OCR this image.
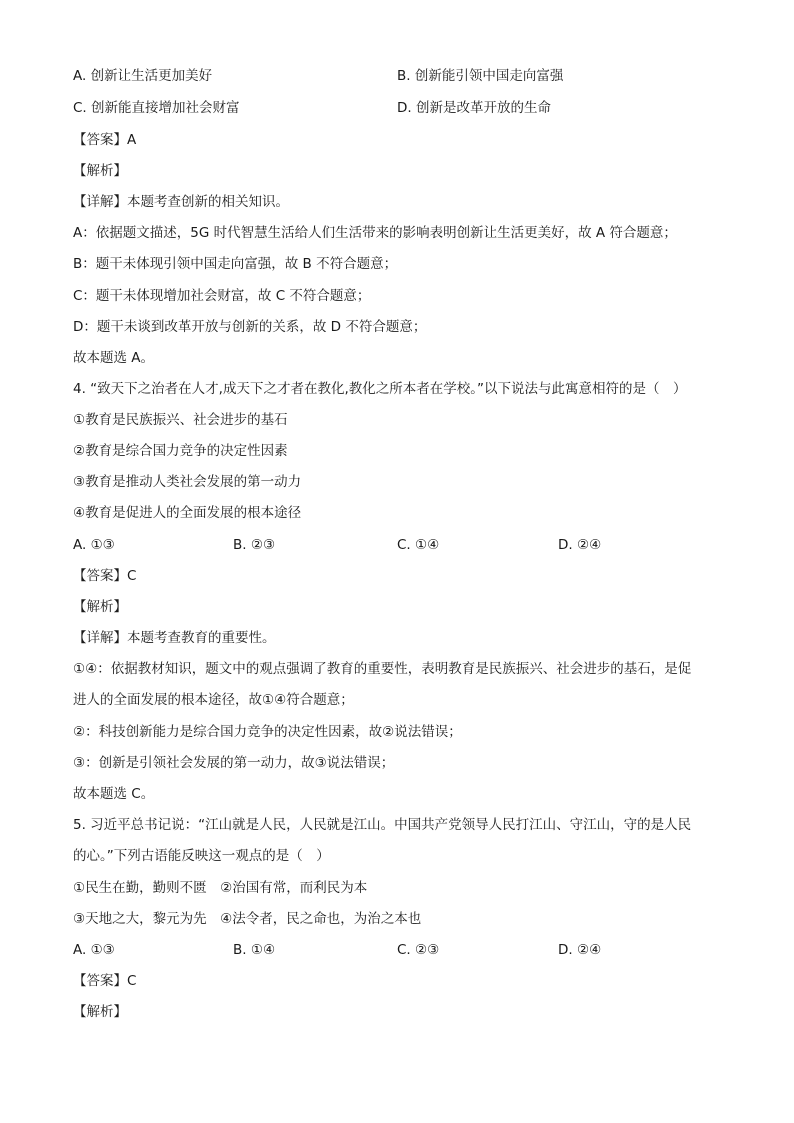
A. 创新让生活更加美好	B. 创新能引领中国走向富强
C. 创新能直接增加社会财富	D. 创新是改革开放的生命
【答案】A
【解析】
【详解】本题考查创新的相关知识。
A：依据题文描述，5G 时代智慧生活给人们生活带来的影响表明创新让生活更美好，故 A 符合题意；
B：题干未体现引领中国走向富强，故 B 不符合题意；
C：题干未体现增加社会财富，故 C 不符合题意；
D：题干未谈到改革开放与创新的关系，故 D 不符合题意；
故本题选 A。
4. “致天下之治者在人才,成天下之才者在教化,教化之所本者在学校。”以下说法与此寓意相符的是（　）
①教育是民族振兴、社会进步的基石
②教育是综合国力竞争的决定性因素
③教育是推动人类社会发展的第一动力
④教育是促进人的全面发展的根本途径
A. ①③	B. ②③	C. ①④	D. ②④
【答案】C
【解析】
【详解】本题考查教育的重要性。
①④：依据教材知识，题文中的观点强调了教育的重要性，表明教育是民族振兴、社会进步的基石，是促
进人的全面发展的根本途径，故①④符合题意；
②：科技创新能力是综合国力竞争的决定性因素，故②说法错误；
③：创新是引领社会发展的第一动力，故③说法错误；
故本题选 C。
5. 习近平总书记说：“江山就是人民，人民就是江山。中国共产党领导人民打江山、守江山，守的是人民
的心。”下列古语能反映这一观点的是（　）
①民生在勤，勤则不匮　②治国有常，而利民为本
③天地之大，黎元为先　④法令者，民之命也，为治之本也
A. ①③	B. ①④	C. ②③	D. ②④
【答案】C
【解析】
